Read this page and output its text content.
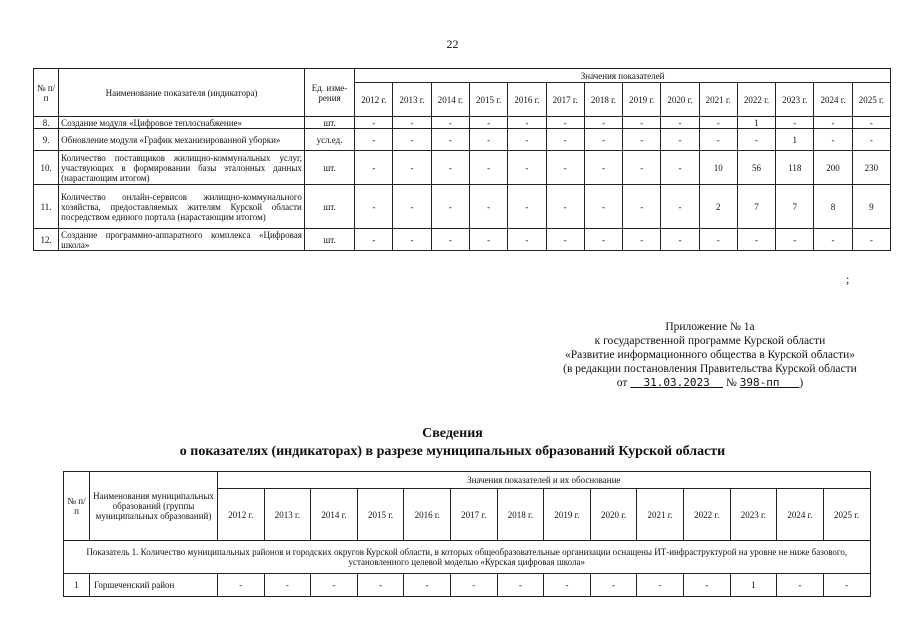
22
№ п/п	Наименование показателя (индикатора)	Ед. изме-рения	Значения показателей													
			2012 г.	2013 г.	2014 г.	2015 г.	2016 г.	2017 г.	2018 г.	2019 г.	2020 г.	2021 г.	2022 г.	2023 г.	2024 г.	2025 г.
8.	Создание модуля «Цифровое теплоснабжение»	шт.	-	-	-	-	-	-	-	-	-	-	1	-	-	-
9.	Обновление модуля «График механизированной уборки»	усл.ед.	-	-	-	-	-	-	-	-	-	-	-	1	-	-
10.	Количество поставщиков жилищно-коммунальных услуг, участвующих в формировании базы эталонных данных (нарастающим итогом)	шт.	-	-	-	-	-	-	-	-	-	10	56	118	200	230
11.	Количество онлайн-сервисов жилищно-коммунального хозяйства, предоставляемых жителям Курской области посредством единого портала (нарастающим итогом)	шт.	-	-	-	-	-	-	-	-	-	2	7	7	8	9
12.	Создание программно-аппаратного комплекса «Цифровая школа»	шт.	-	-	-	-	-	-	-	-	-	-	-	-	-	-
;
Приложение № 1а
к государственной программе Курской области
«Развитие информационного общества в Курской области»
(в редакции постановления Правительства Курской области
от 31.03.2023 № 398-пп )
Сведения
о показателях (индикаторах) в разрезе муниципальных образований Курской области
№ п/п	Наименования муниципальных образований (группы муниципальных образований)	Значения показателей и их обоснование													
		2012 г.	2013 г.	2014 г.	2015 г.	2016 г.	2017 г.	2018 г.	2019 г.	2020 г.	2021 г.	2022 г.	2023 г.	2024 г.	2025 г.
Показатель 1. Количество муниципальных районов и городских округов Курской области, в которых общеобразовательные организации оснащены ИТ-инфраструктурой на уровне не ниже базового, установленного целевой моделью «Курская цифровая школа»															
1	Горшеченский район	-	-	-	-	-	-	-	-	-	-	-	1	-	-
